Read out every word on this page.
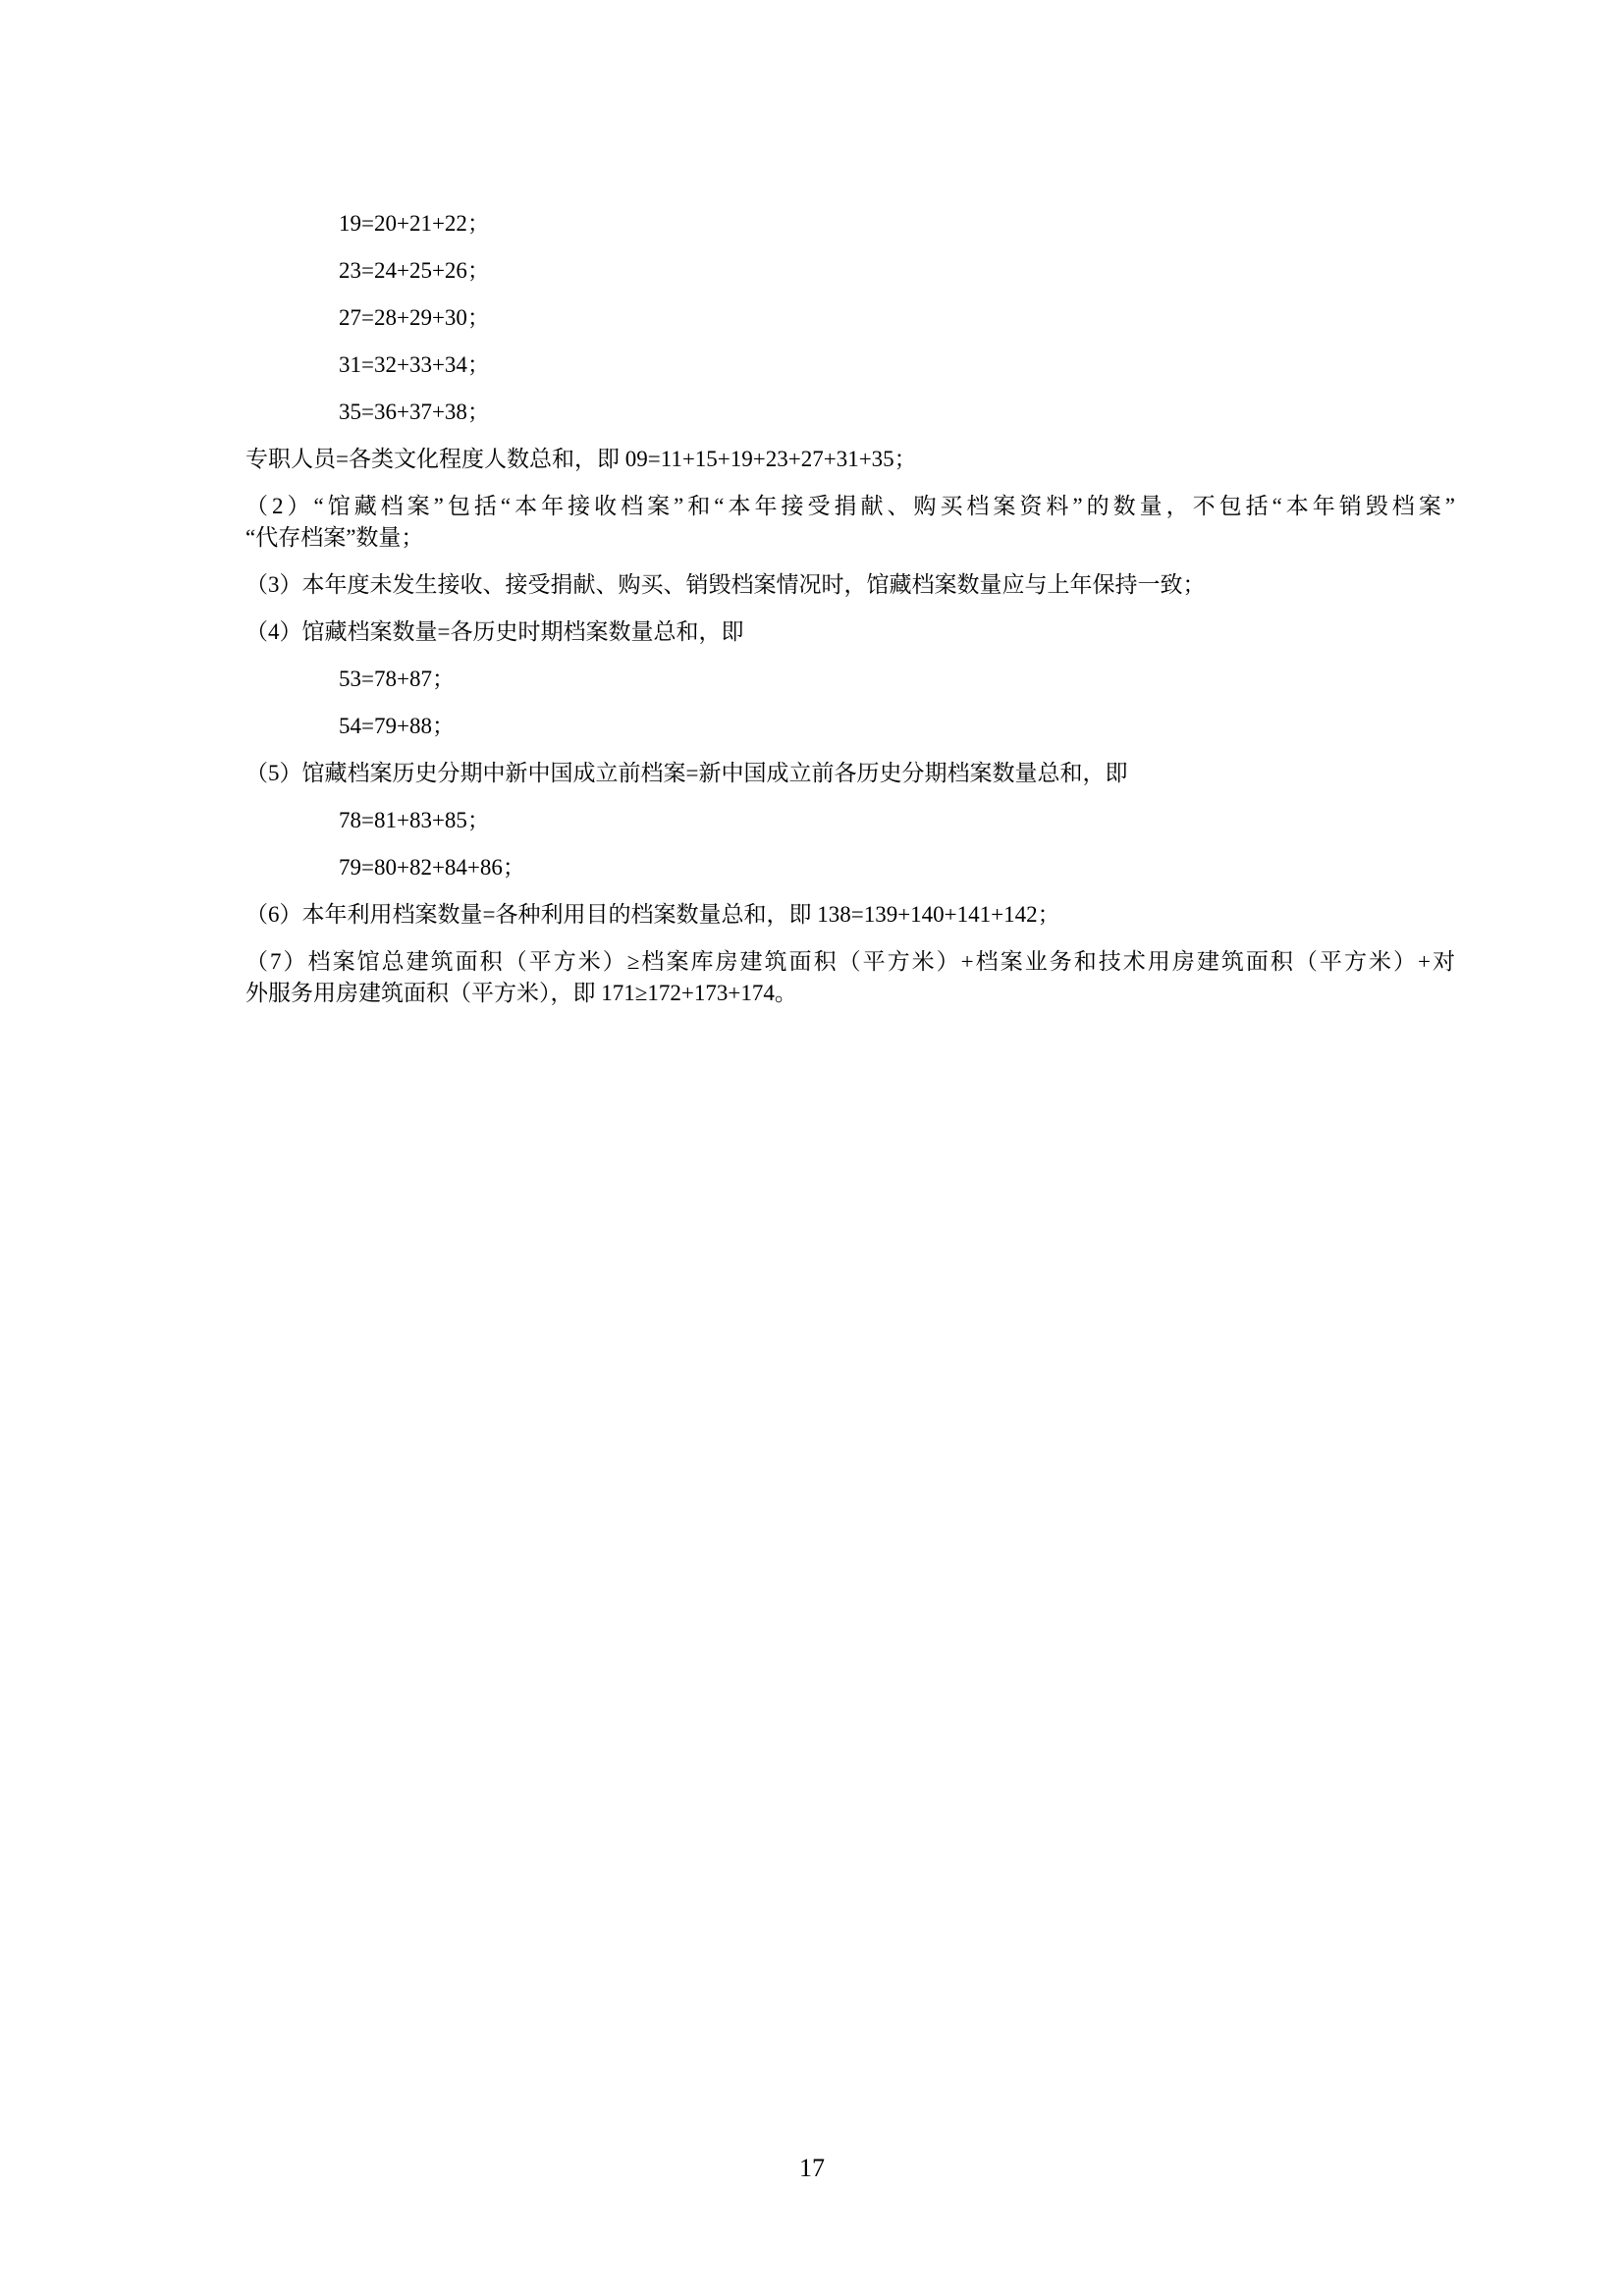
19=20+21+22；

23=24+25+26；

27=28+29+30；

31=32+33+34；

35=36+37+38；

专职人员=各类文化程度人数总和，即 09=11+15+19+23+27+31+35；

（2）“馆藏档案”包括“本年接收档案”和“本年接受捐献、购买档案资料”的数量，不包括“本年销毁档案”
“代存档案”数量；

（3）本年度未发生接收、接受捐献、购买、销毁档案情况时，馆藏档案数量应与上年保持一致；

（4）馆藏档案数量=各历史时期档案数量总和，即

53=78+87；

54=79+88；

（5）馆藏档案历史分期中新中国成立前档案=新中国成立前各历史分期档案数量总和，即

78=81+83+85；

79=80+82+84+86；

（6）本年利用档案数量=各种利用目的档案数量总和，即 138=139+140+141+142；

（7）档案馆总建筑面积（平方米）≥档案库房建筑面积（平方米）+档案业务和技术用房建筑面积（平方米）+对
外服务用房建筑面积（平方米），即 171≥172+173+174。
17
